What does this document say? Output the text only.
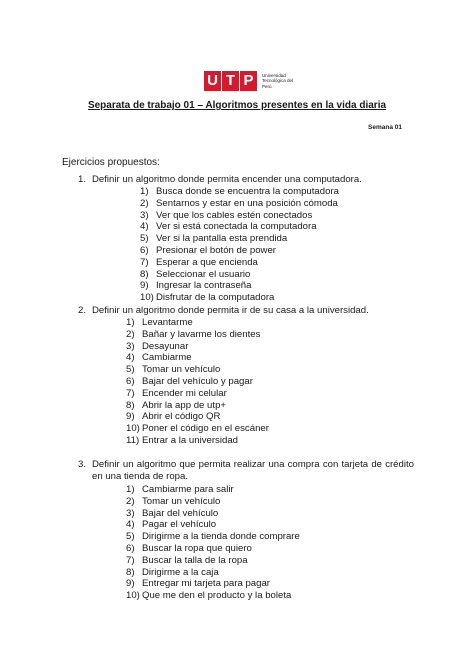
U T P	Universidad Tecnológica del Perú
Separata de trabajo 01 – Algoritmos presentes en la vida diaria
Semana 01
Ejercicios propuestos:
1. Definir un algoritmo donde permita encender una computadora.
1) Busca donde se encuentra la computadora
2) Sentarnos y estar en una posición cómoda
3) Ver que los cables estén conectados
4) Ver si está conectada la computadora
5) Ver si la pantalla esta prendida
6) Presionar el botón de power
7) Esperar a que encienda
8) Seleccionar el usuario
9) Ingresar la contraseña
10) Disfrutar de la computadora
2. Definir un algoritmo donde permita ir de su casa a la universidad.
1) Levantarme
2) Bañar y lavarme los dientes
3) Desayunar
4) Cambiarme
5) Tomar un vehículo
6) Bajar del vehículo y pagar
7) Encender mi celular
8) Abrir la app de utp+
9) Abrir el código QR
10) Poner el código en el escáner
11) Entrar a la universidad
3. Definir un algoritmo que permita realizar una compra con tarjeta de crédito en una tienda de ropa.
1) Cambiarme para salir
2) Tomar un vehículo
3) Bajar del vehículo
4) Pagar el vehículo
5) Dirigirme a la tienda donde comprare
6) Buscar la ropa que quiero
7) Buscar la talla de la ropa
8) Dirigirme a la caja
9) Entregar mi tarjeta para pagar
10) Que me den el producto y la boleta
